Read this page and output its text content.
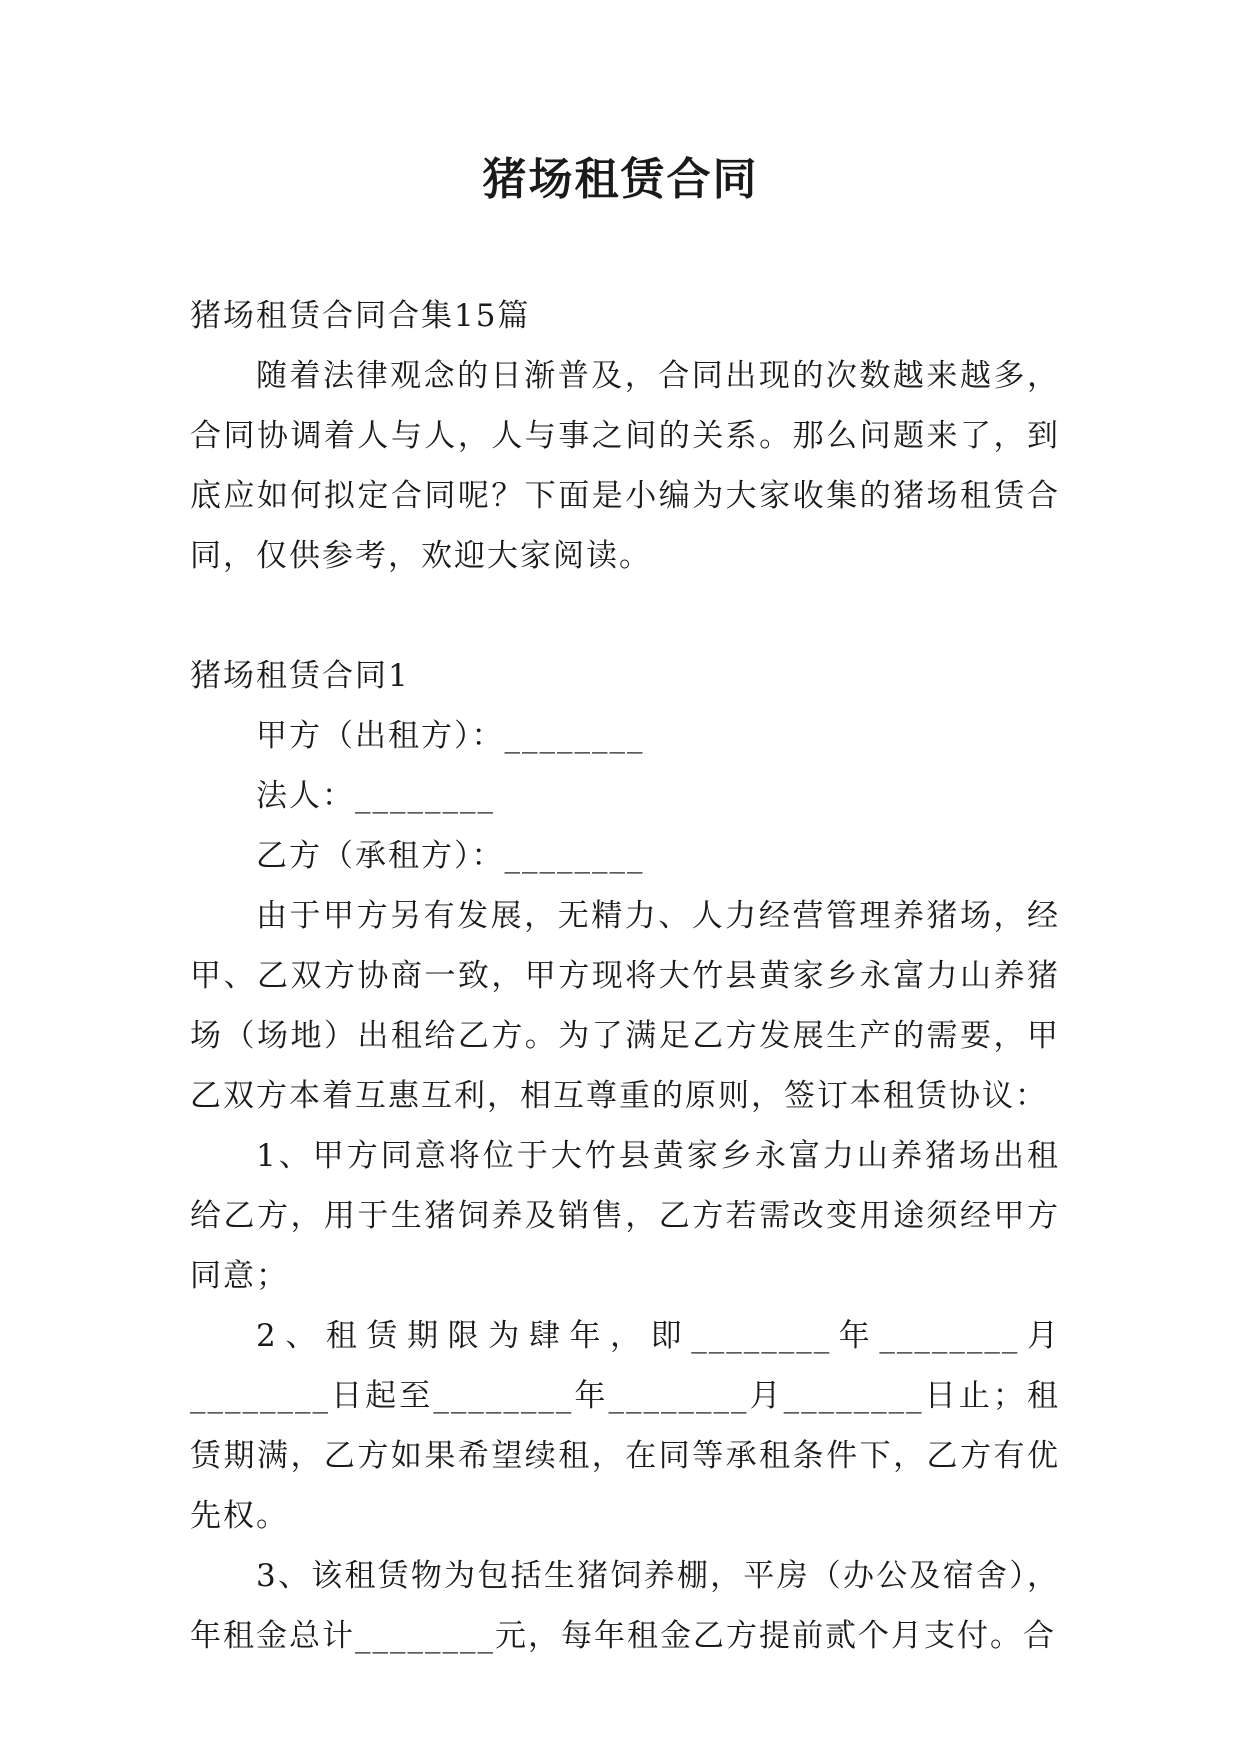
猪场租赁合同

猪场租赁合同合集15篇

随着法律观念的日渐普及，合同出现的次数越来越多，合同协调着人与人，人与事之间的关系。那么问题来了，到底应如何拟定合同呢？下面是小编为大家收集的猪场租赁合同，仅供参考，欢迎大家阅读。

猪场租赁合同1

甲方（出租方）：________

法人：________

乙方（承租方）：________

由于甲方另有发展，无精力、人力经营管理养猪场，经甲、乙双方协商一致，甲方现将大竹县黄家乡永富力山养猪场（场地）出租给乙方。为了满足乙方发展生产的需要，甲乙双方本着互惠互利，相互尊重的原则，签订本租赁协议：

1、甲方同意将位于大竹县黄家乡永富力山养猪场出租给乙方，用于生猪饲养及销售，乙方若需改变用途须经甲方同意；

2、租赁期限为肆年，即________年________月________日起至________年________月________日止；租赁期满，乙方如果希望续租，在同等承租条件下，乙方有优先权。

3、该租赁物为包括生猪饲养棚，平房（办公及宿舍），年租金总计________元，每年租金乙方提前贰个月支付。合
